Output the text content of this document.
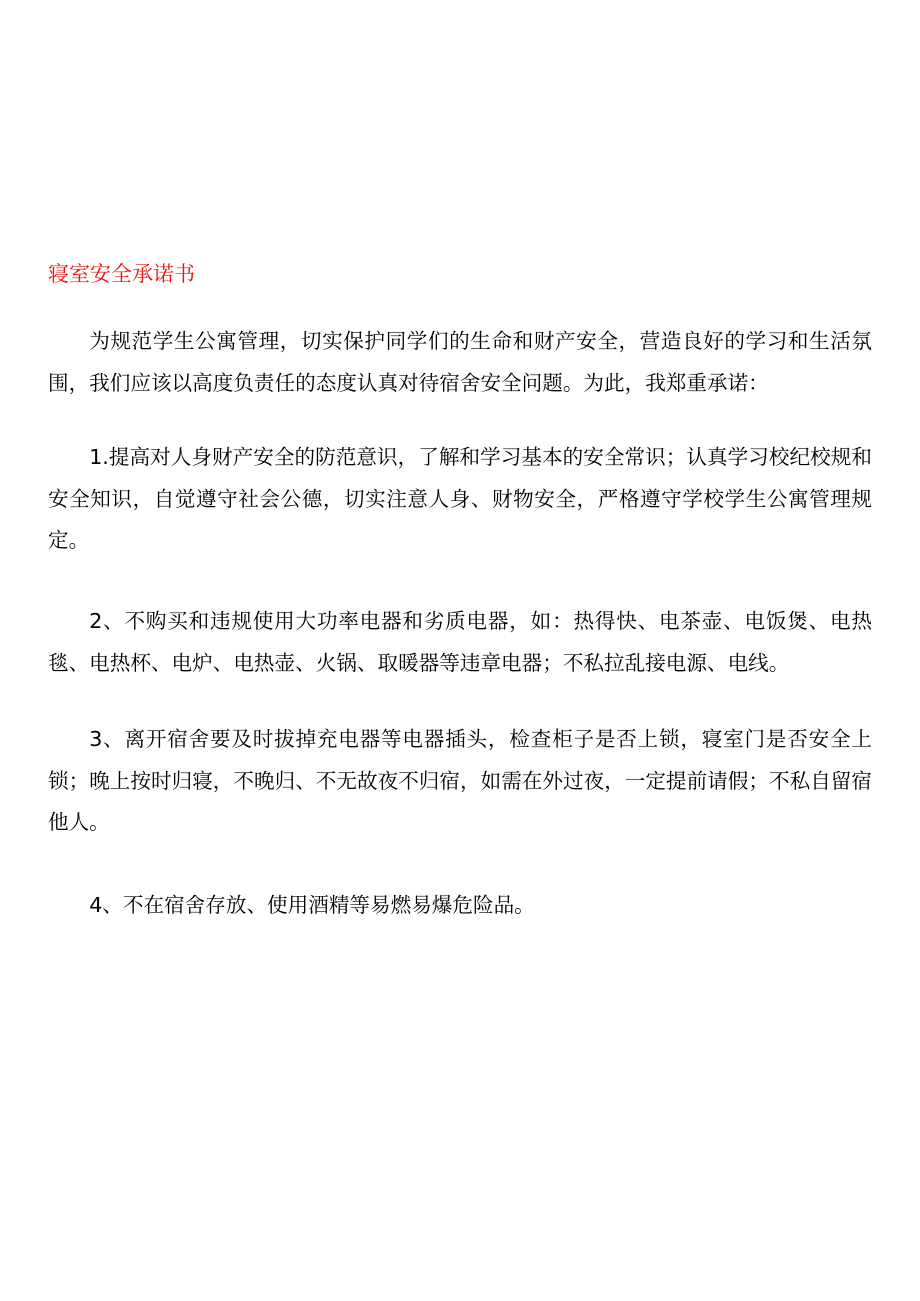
寝室安全承诺书

为规范学生公寓管理，切实保护同学们的生命和财产安全，营造良好的学习和生活氛围，我们应该以高度负责任的态度认真对待宿舍安全问题。为此，我郑重承诺：

1.提高对人身财产安全的防范意识，了解和学习基本的安全常识；认真学习校纪校规和安全知识，自觉遵守社会公德，切实注意人身、财物安全，严格遵守学校学生公寓管理规定。

2、不购买和违规使用大功率电器和劣质电器，如：热得快、电茶壶、电饭煲、电热毯、电热杯、电炉、电热壶、火锅、取暖器等违章电器；不私拉乱接电源、电线。

3、离开宿舍要及时拔掉充电器等电器插头，检查柜子是否上锁，寝室门是否安全上锁；晚上按时归寝，不晚归、不无故夜不归宿，如需在外过夜，一定提前请假；不私自留宿他人。

4、不在宿舍存放、使用酒精等易燃易爆危险品。
